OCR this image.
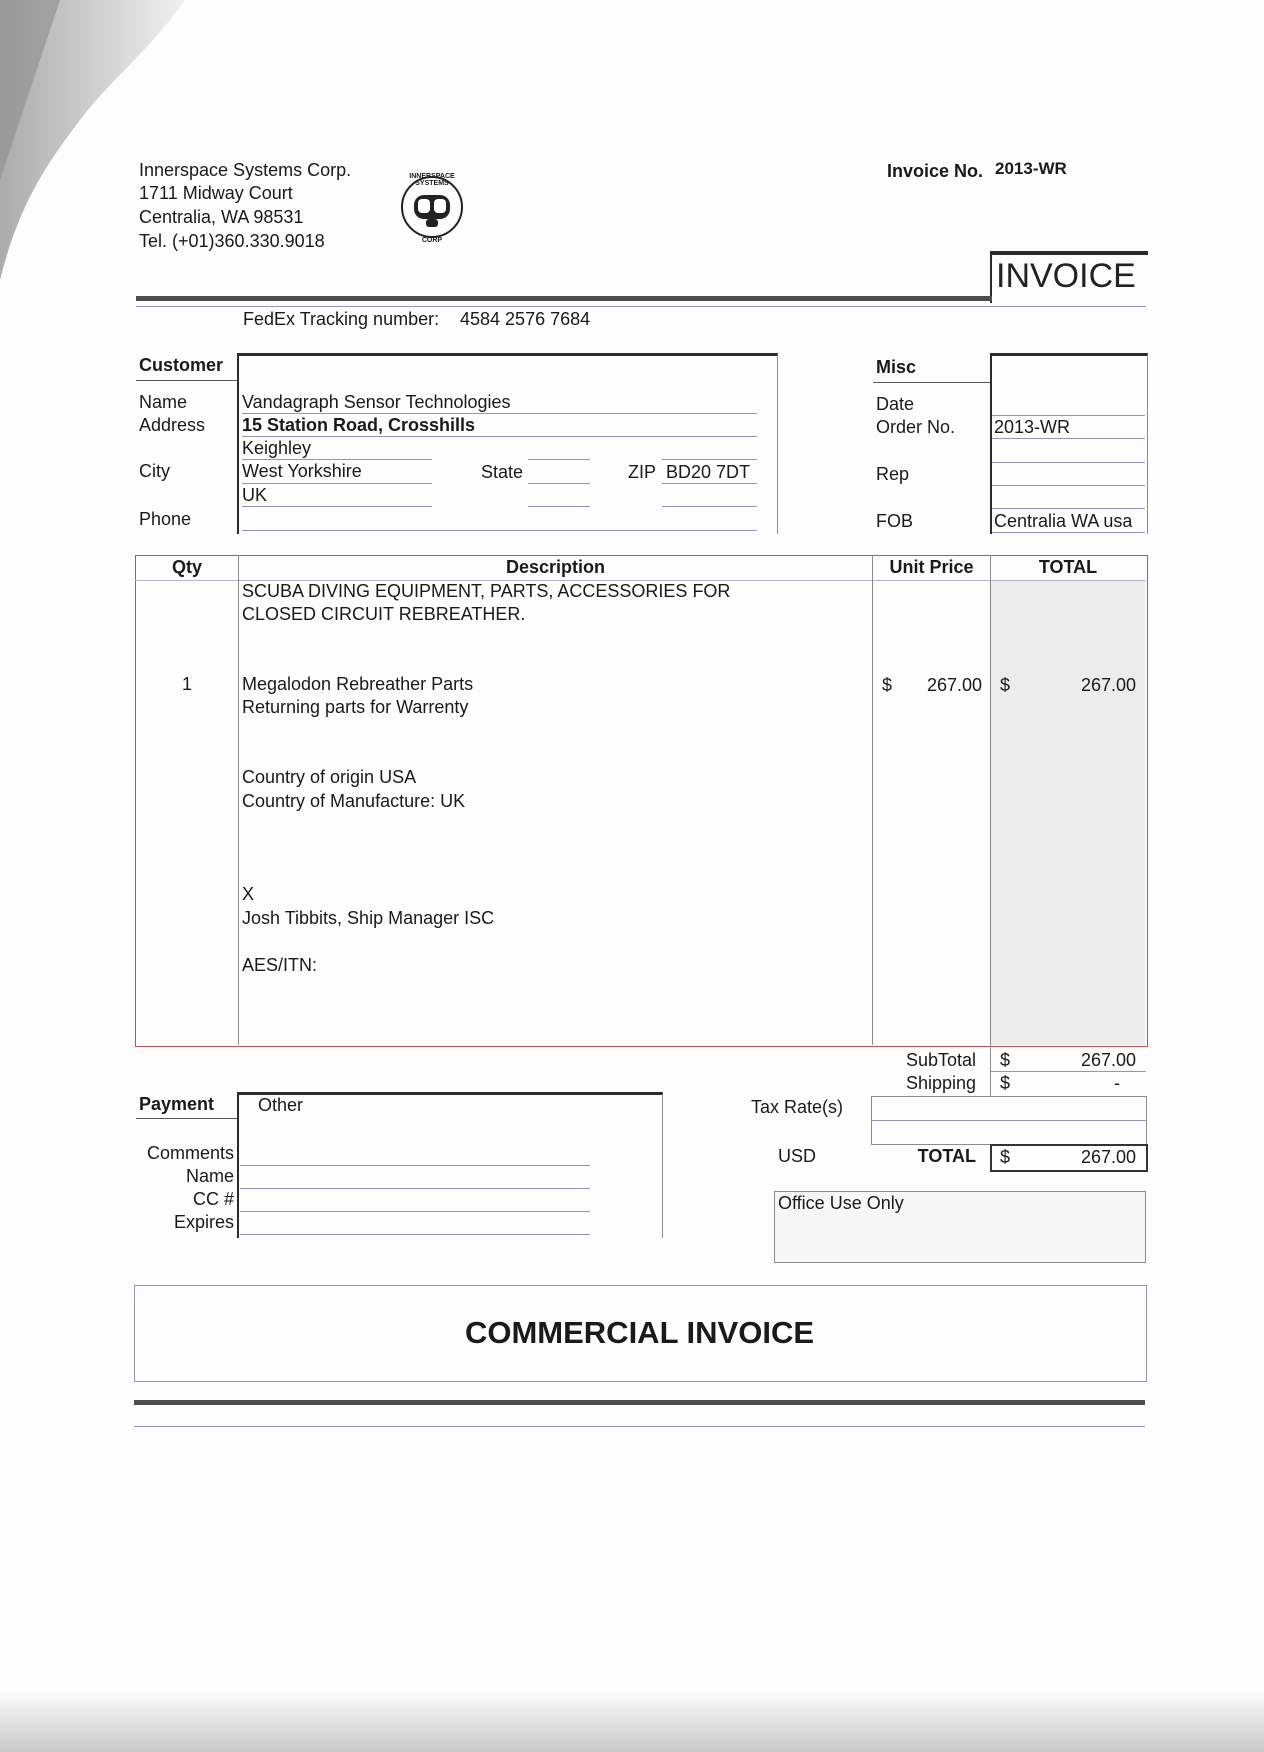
Innerspace Systems Corp.
1711 Midway Court
Centralia, WA 98531
Tel. (+01)360.330.9018
INNERSPACE SYSTEMS
CORP
Invoice No. 2013-WR
INVOICE
FedEx Tracking number: 4584 2576 7684
Customer
Name	Vandagraph Sensor Technologies
Address 15 Station Road, Crosshills
Keighley
City	West Yorkshire	State	ZIP BD20 7DT
UK
Phone
Misc
Date
Order No. 2013-WR
Rep
FOB	Centralia WA usa
Qty	Description	Unit Price	TOTAL
SCUBA DIVING EQUIPMENT, PARTS, ACCESSORIES FOR
CLOSED CIRCUIT REBREATHER.
1	Megalodon Rebreather Parts
Returning parts for Warrenty
$	267.00 $	267.00
Country of origin USA
Country of Manufacture: UK
X
Josh Tibbits, Ship Manager ISC
AES/ITN:
SubTotal $	267.00
Shipping $	-
Tax Rate(s)
USD	TOTAL $	267.00
Payment Other
Comments
Name
CC #
Expires
Office Use Only
COMMERCIAL INVOICE
